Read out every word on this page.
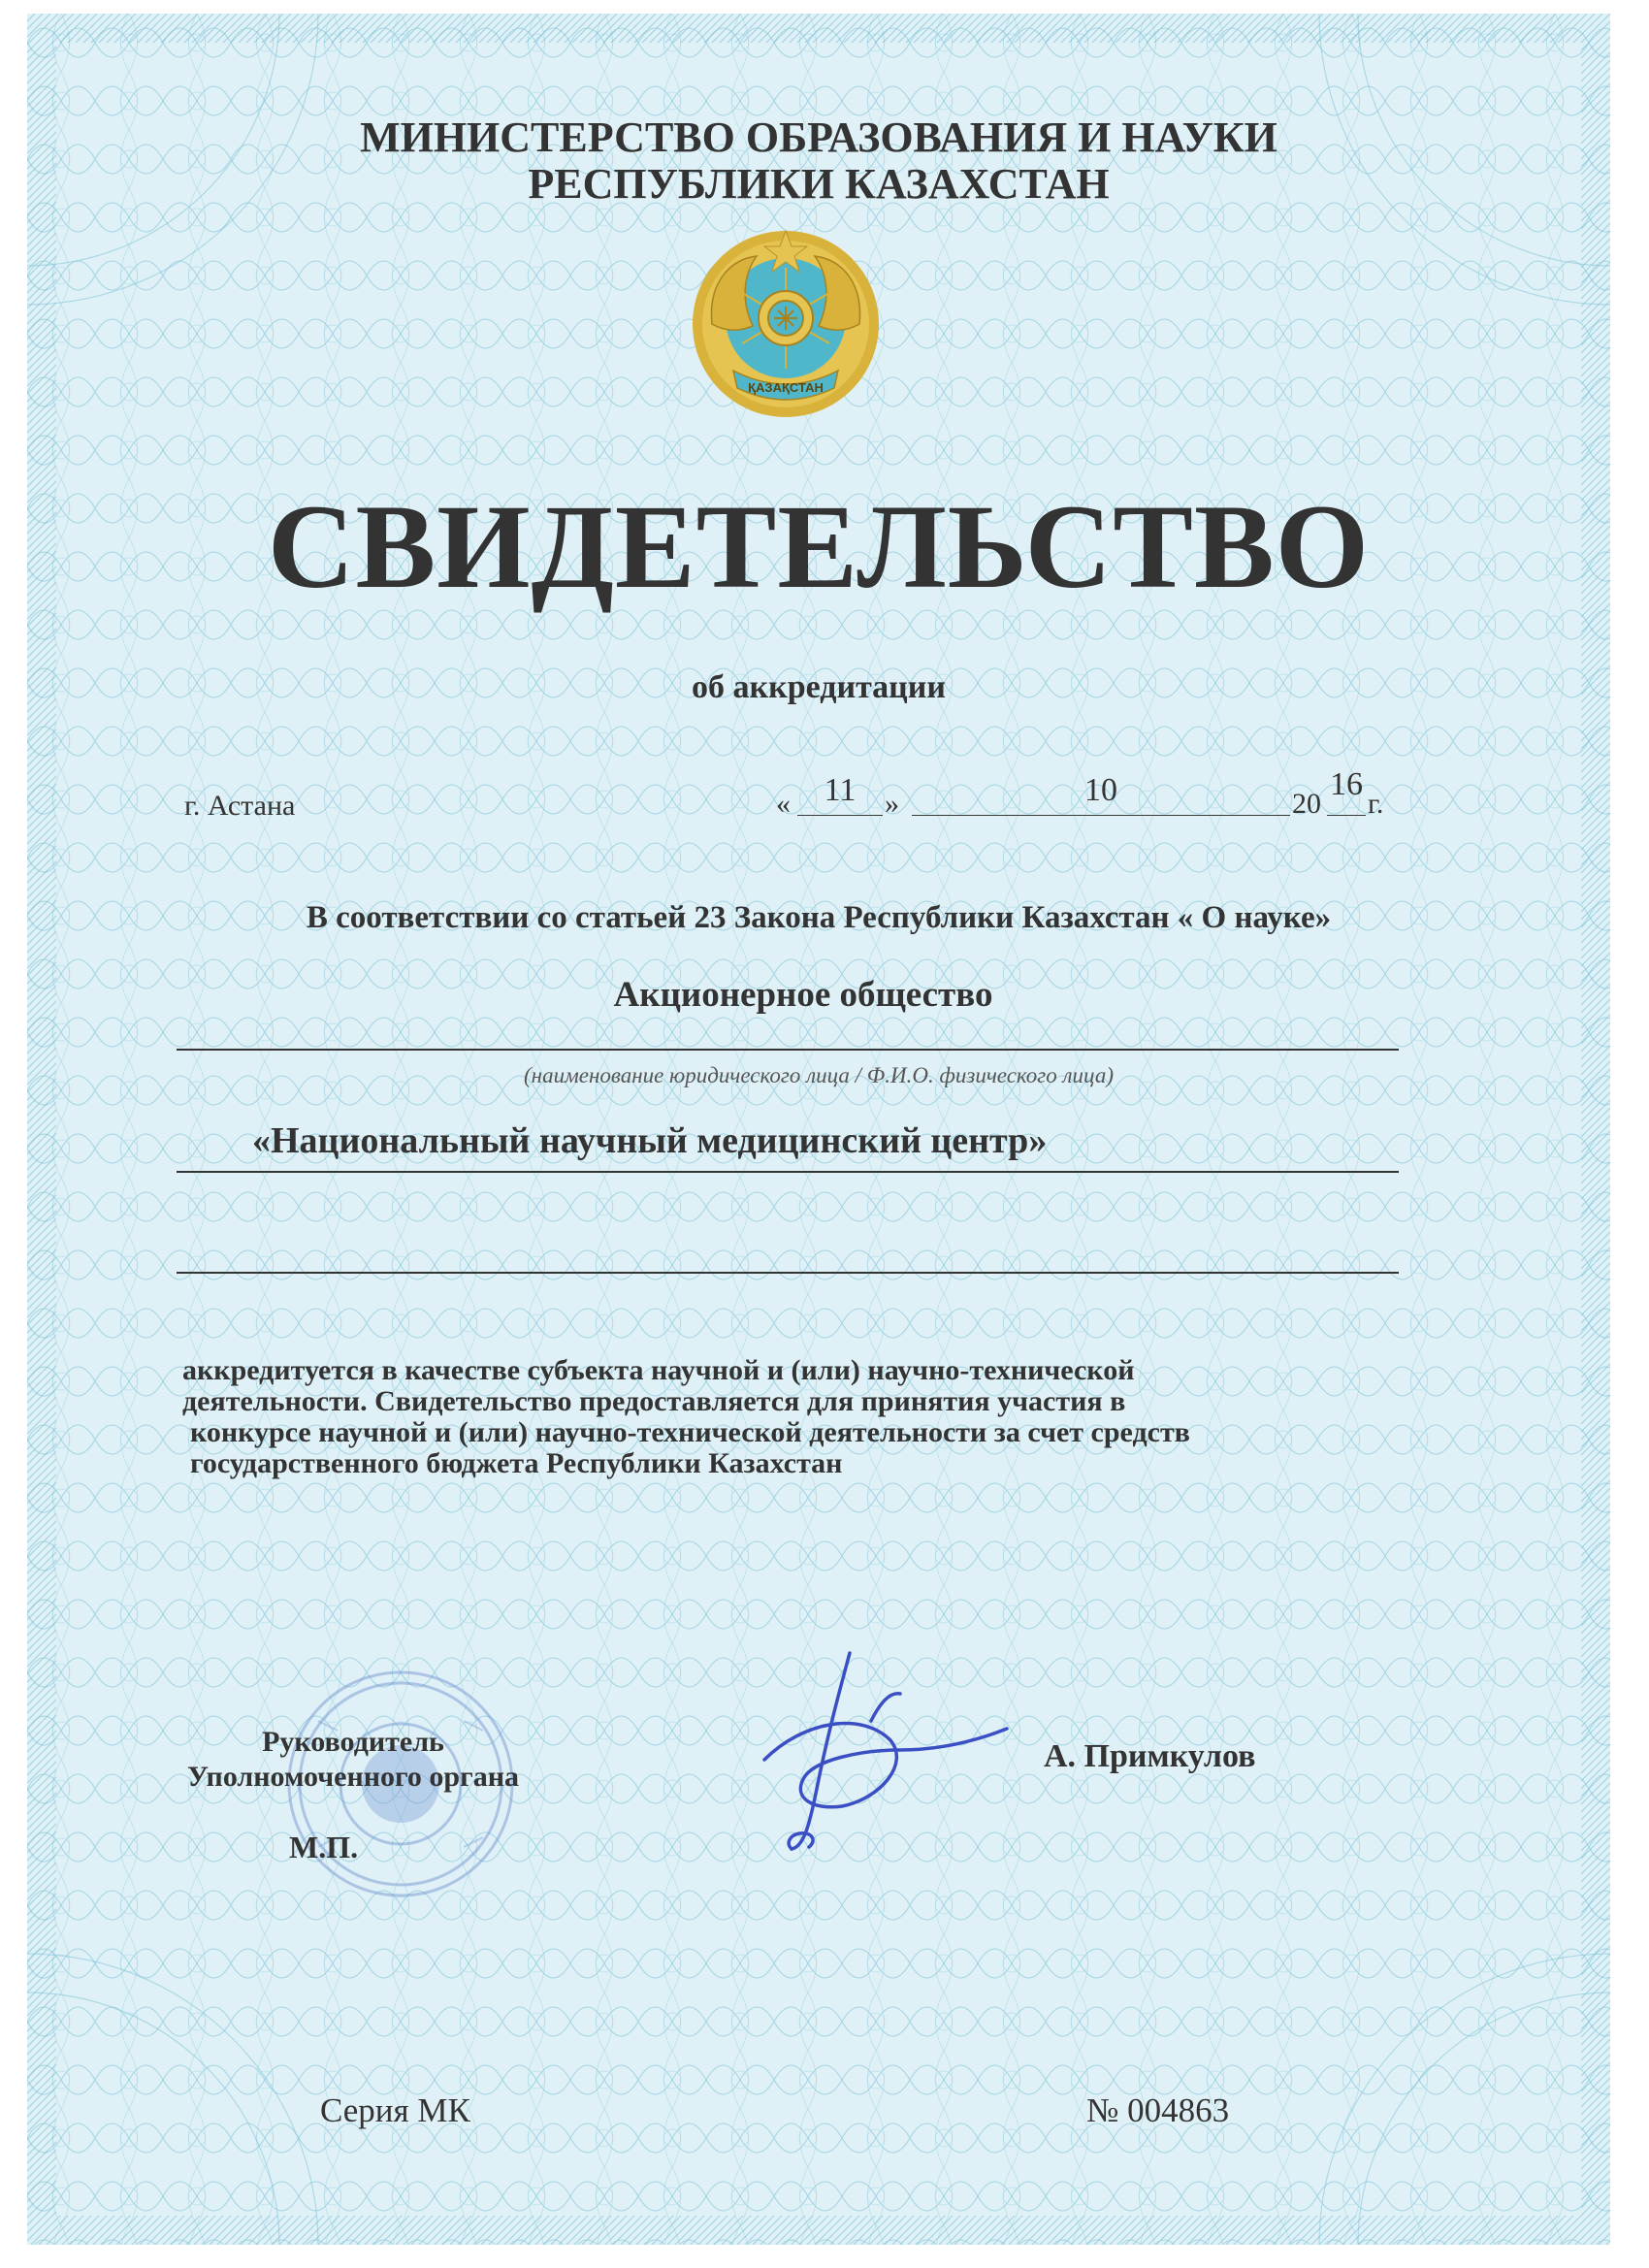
МИНИСТЕРСТВО ОБРАЗОВАНИЯ И НАУКИ
РЕСПУБЛИКИ КАЗАХСТАН
ҚАЗАҚСТАН
СВИДЕТЕЛЬСТВО
об аккредитации
г. Астана	«	11 »	10	20
16
г.
В соответствии со статьей 23 Закона Республики Казахстан « О науке»
Акционерное общество
(наименование юридического лица / Ф.И.О. физического лица)
«Национальный научный медицинский центр»
аккредитуется в качестве субъекта научной и (или) научно-технической
деятельности. Свидетельство предоставляется для принятия участия в
конкурсе научной и (или) научно-технической деятельности за счет средств
государственного бюджета Республики Казахстан
Руководитель
Уполномоченного органа
М.П.
А. Примкулов
Серия МК	№ 004863
